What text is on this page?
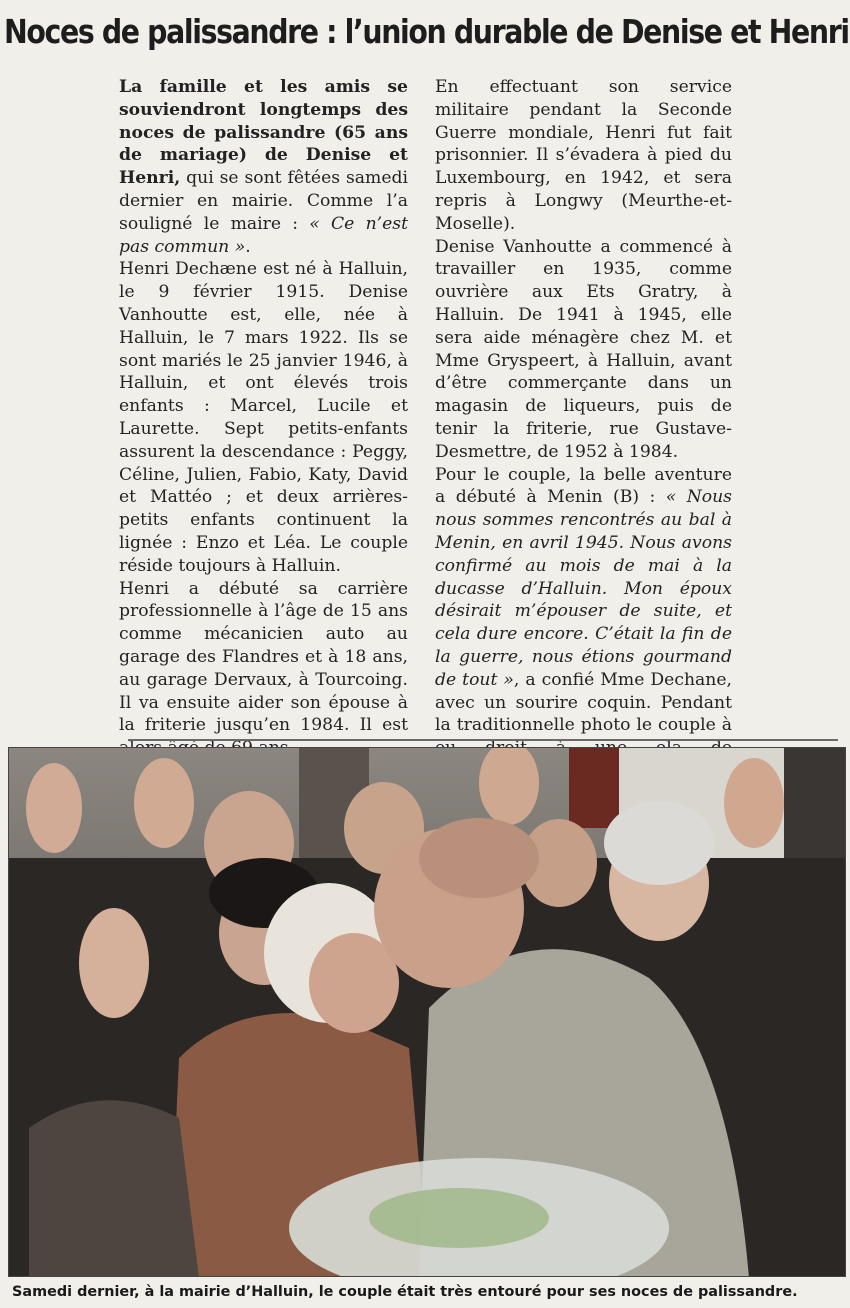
Noces de palissandre : l’union durable de Denise et Henri

La famille et les amis se souviendront longtemps des noces de palissandre (65 ans de mariage) de Denise et Henri, qui se sont fêtées samedi dernier en mairie. Comme l’a souligné le maire : « Ce n’est pas commun ».

Henri Dechæne est né à Halluin, le 9 février 1915. Denise Vanhoutte est, elle, née à Halluin, le 7 mars 1922. Ils se sont mariés le 25 janvier 1946, à Halluin, et ont élevés trois enfants : Marcel, Lucile et Laurette. Sept petits-enfants assurent la descendance : Peggy, Céline, Julien, Fabio, Katy, David et Mattéo ; et deux arrières-petits enfants continuent la lignée : Enzo et Léa. Le couple réside toujours à Halluin.

Henri a débuté sa carrière professionnelle à l’âge de 15 ans comme mécanicien auto au garage des Flandres et à 18 ans, au garage Dervaux, à Tourcoing. Il va ensuite aider son épouse à la friterie jusqu’en 1984. Il est

En effectuant son service militaire pendant la Seconde Guerre mondiale, Henri fut fait prisonnier. Il s’évadera à pied du Luxembourg, en 1942, et sera repris à Longwy (Meurthe-et-Moselle).

Denise Vanhoutte a commencé à travailler en 1935, comme ouvrière aux Ets Gratry, à Halluin. De 1941 à 1945, elle sera aide ménagère chez M. et Mme Gryspeert, à Halluin, avant d’être commerçante dans un magasin de liqueurs, puis de tenir la friterie, rue Gustave-Desmettre, de 1952 à 1984.

Pour le couple, la belle aventure a débuté à Menin (B) : « Nous nous sommes rencontrés au bal à Menin, en avril 1945. Nous avons confirmé au mois de mai à la ducasse d’Halluin. Mon époux désirait m’épouser de suite, et cela dure encore. C’était la fin de la guerre, nous étions gourmand de tout », a confié Mme Dechane, avec un sourire coquin. Pendant la traditionnelle photo le couple à

Samedi dernier, à la mairie d’Halluin, le couple était très entouré pour ses noces de palissandre.
